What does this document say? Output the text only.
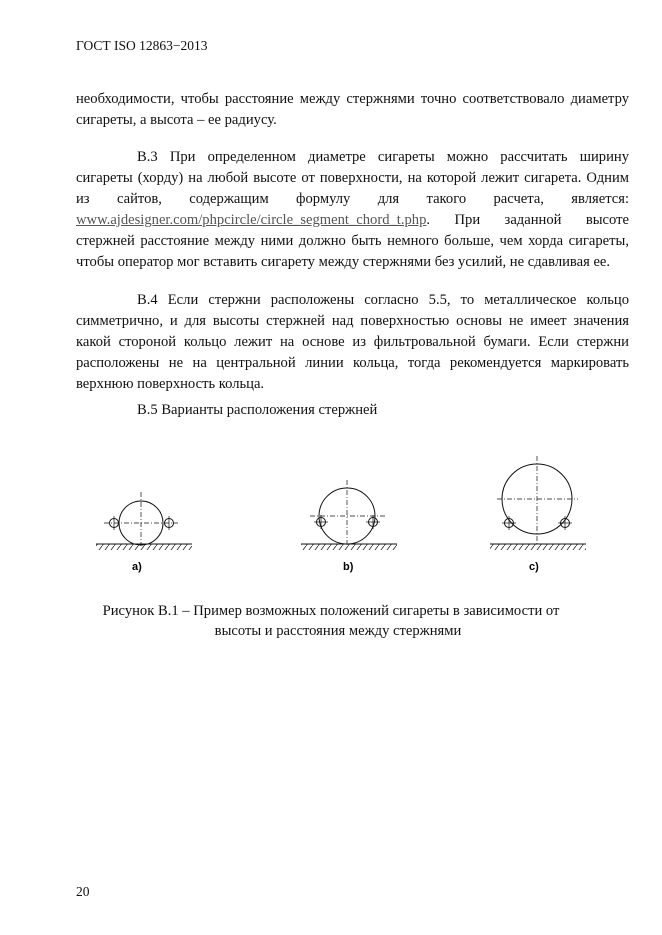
ГОСТ ISO 12863−2013

необходимости, чтобы расстояние между стержнями точно соответствовало диаметру сигареты, а высота – ее радиусу.

В.3 При определенном диаметре сигареты можно рассчитать ширину сигареты (хорду) на любой высоте от поверхности, на которой лежит сигарета. Одним из сайтов, содержащим формулу для такого расчета, является: www.ajdesigner.com/phpcircle/circle_segment_chord_t.php. При заданной высоте стержней расстояние между ними должно быть немного больше, чем хорда сигареты, чтобы оператор мог вставить сигарету между стержнями без усилий, не сдавливая ее.

В.4 Если стержни расположены согласно 5.5, то металлическое кольцо симметрично, и для высоты стержней над поверхностью основы не имеет значения какой стороной кольцо лежит на основе из фильтровальной бумаги. Если стержни расположены не на центральной линии кольца, тогда рекомендуется маркировать верхнюю поверхность кольца.

В.5 Варианты расположения стержней

a)	b)	c)
Рисунок В.1 – Пример возможных положений сигареты в зависимости от
высоты и расстояния между стержнями
20
